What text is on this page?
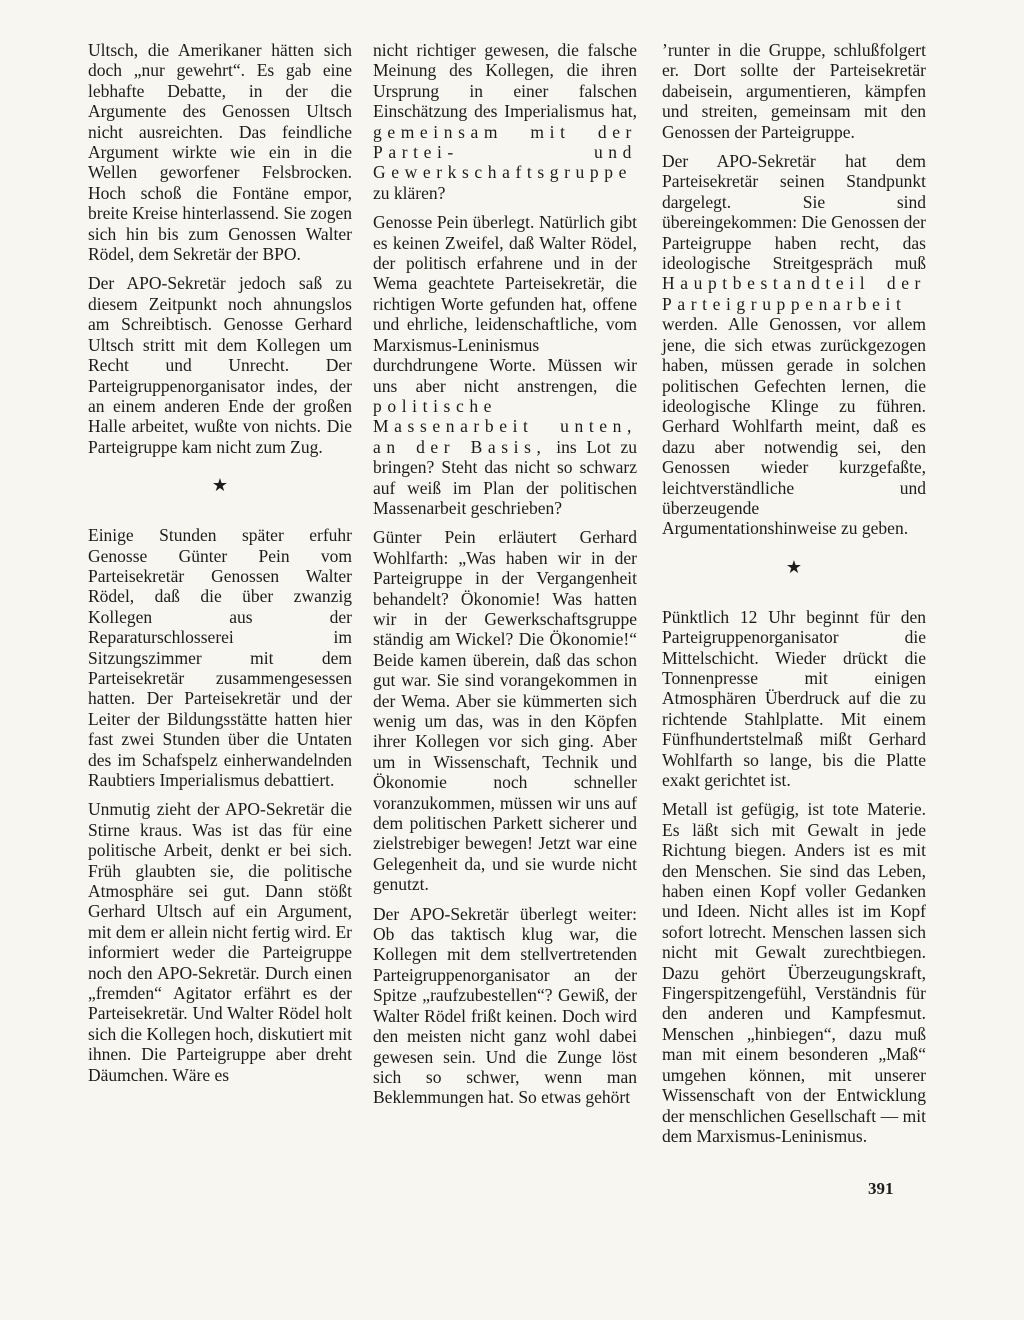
Ultsch, die Amerikaner hätten sich doch „nur gewehrt“. Es gab eine lebhafte Debatte, in der die Argumente des Genossen Ultsch nicht ausreichten. Das feindliche Argument wirkte wie ein in die Wellen geworfener Felsbrocken. Hoch schoß die Fontäne empor, breite Kreise hinterlassend. Sie zogen sich hin bis zum Genossen Walter Rödel, dem Sekretär der BPO.

Der APO-Sekretär jedoch saß zu diesem Zeitpunkt noch ahnungslos am Schreibtisch. Genosse Gerhard Ultsch stritt mit dem Kollegen um Recht und Unrecht. Der Parteigruppenorganisator indes, der an einem anderen Ende der großen Halle arbeitet, wußte von nichts. Die Parteigruppe kam nicht zum Zug.

★

Einige Stunden später erfuhr Genosse Günter Pein vom Parteisekretär Genossen Walter Rödel, daß die über zwanzig Kollegen aus der Reparaturschlosserei im Sitzungszimmer mit dem Parteisekretär zusammengesessen hatten. Der Parteisekretär und der Leiter der Bildungsstätte hatten hier fast zwei Stunden über die Untaten des im Schafspelz einherwandelnden Raubtiers Imperialismus debattiert.

Unmutig zieht der APO-Sekretär die Stirne kraus. Was ist das für eine politische Arbeit, denkt er bei sich. Früh glaubten sie, die politische Atmosphäre sei gut. Dann stößt Gerhard Ultsch auf ein Argument, mit dem er allein nicht fertig wird. Er informiert weder die Parteigruppe noch den APO-Sekretär. Durch einen „fremden“ Agitator erfährt es der Parteisekretär. Und Walter Rödel holt sich die Kollegen hoch, diskutiert mit ihnen. Die Parteigruppe aber dreht Däumchen. Wäre es

nicht richtiger gewesen, die falsche Meinung des Kollegen, die ihren Ursprung in einer falschen Einschätzung des Imperialismus hat, gemeinsam mit der Partei- und Gewerkschaftsgruppe zu klären?

Genosse Pein überlegt. Natürlich gibt es keinen Zweifel, daß Walter Rödel, der politisch erfahrene und in der Wema geachtete Parteisekretär, die richtigen Worte gefunden hat, offene und ehrliche, leidenschaftliche, vom Marxismus-Leninismus durchdrungene Worte. Müssen wir uns aber nicht anstrengen, die politische Massenarbeit unten, an der Basis, ins Lot zu bringen? Steht das nicht so schwarz auf weiß im Plan der politischen Massenarbeit geschrieben?

Günter Pein erläutert Gerhard Wohlfarth: „Was haben wir in der Parteigruppe in der Vergangenheit behandelt? Ökonomie! Was hatten wir in der Gewerkschaftsgruppe ständig am Wickel? Die Ökonomie!“ Beide kamen überein, daß das schon gut war. Sie sind vorangekommen in der Wema. Aber sie kümmerten sich wenig um das, was in den Köpfen ihrer Kollegen vor sich ging. Aber um in Wissenschaft, Technik und Ökonomie noch schneller voranzukommen, müssen wir uns auf dem politischen Parkett sicherer und zielstrebiger bewegen! Jetzt war eine Gelegenheit da, und sie wurde nicht genutzt.

Der APO-Sekretär überlegt weiter: Ob das taktisch klug war, die Kollegen mit dem stellvertretenden Parteigruppenorganisator an der Spitze „raufzubestellen“? Gewiß, der Walter Rödel frißt keinen. Doch wird den meisten nicht ganz wohl dabei gewesen sein. Und die Zunge löst sich so schwer, wenn man Beklemmungen hat. So etwas gehört

’runter in die Gruppe, schlußfolgert er. Dort sollte der Parteisekretär dabeisein, argumentieren, kämpfen und streiten, gemeinsam mit den Genossen der Parteigruppe.

Der APO-Sekretär hat dem Parteisekretär seinen Standpunkt dargelegt. Sie sind übereingekommen: Die Genossen der Parteigruppe haben recht, das ideologische Streitgespräch muß Hauptbestandteil der Parteigruppenarbeit werden. Alle Genossen, vor allem jene, die sich etwas zurückgezogen haben, müssen gerade in solchen politischen Gefechten lernen, die ideologische Klinge zu führen. Gerhard Wohlfarth meint, daß es dazu aber notwendig sei, den Genossen wieder kurzgefaßte, leichtverständliche und überzeugende Argumentationshinweise zu geben.

★

Pünktlich 12 Uhr beginnt für den Parteigruppenorganisator die Mittelschicht. Wieder drückt die Tonnenpresse mit einigen Atmosphären Überdruck auf die zu richtende Stahlplatte. Mit einem Fünfhundertstelmaß mißt Gerhard Wohlfarth so lange, bis die Platte exakt gerichtet ist.

Metall ist gefügig, ist tote Materie. Es läßt sich mit Gewalt in jede Richtung biegen. Anders ist es mit den Menschen. Sie sind das Leben, haben einen Kopf voller Gedanken und Ideen. Nicht alles ist im Kopf sofort lotrecht. Menschen lassen sich nicht mit Gewalt zurechtbiegen. Dazu gehört Überzeugungskraft, Fingerspitzengefühl, Verständnis für den anderen und Kampfesmut. Menschen „hinbiegen“, dazu muß man mit einem besonderen „Maß“ umgehen können, mit unserer Wissenschaft von der Entwicklung der menschlichen Gesellschaft — mit dem Marxismus-Leninismus.

391
